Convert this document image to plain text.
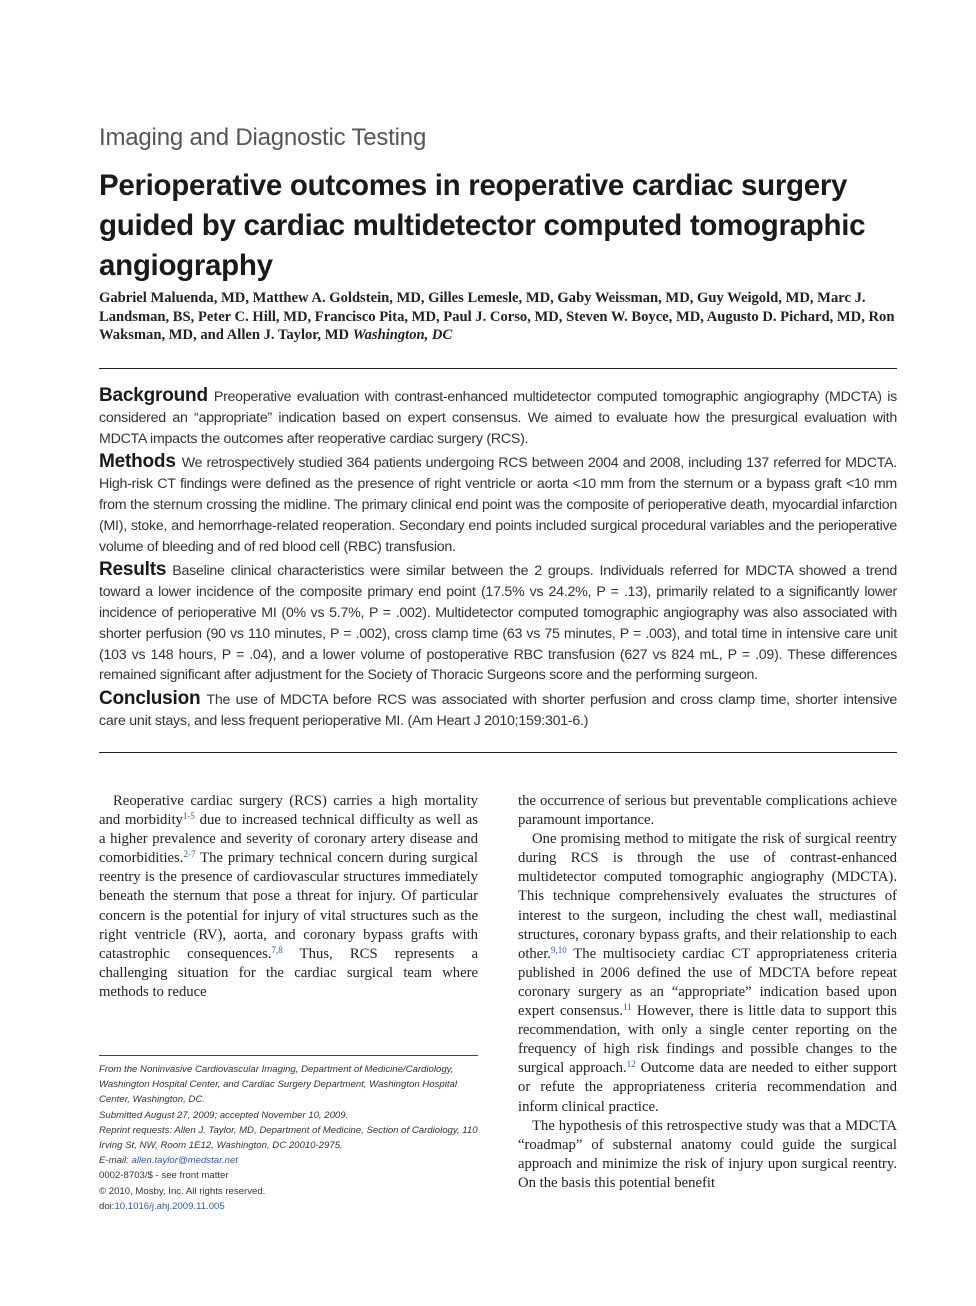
Imaging and Diagnostic Testing
Perioperative outcomes in reoperative cardiac surgery guided by cardiac multidetector computed tomographic angiography
Gabriel Maluenda, MD, Matthew A. Goldstein, MD, Gilles Lemesle, MD, Gaby Weissman, MD, Guy Weigold, MD, Marc J. Landsman, BS, Peter C. Hill, MD, Francisco Pita, MD, Paul J. Corso, MD, Steven W. Boyce, MD, Augusto D. Pichard, MD, Ron Waksman, MD, and Allen J. Taylor, MD Washington, DC

Background Preoperative evaluation with contrast-enhanced multidetector computed tomographic angiography (MDCTA) is considered an “appropriate” indication based on expert consensus. We aimed to evaluate how the presurgical evaluation with MDCTA impacts the outcomes after reoperative cardiac surgery (RCS).

Methods We retrospectively studied 364 patients undergoing RCS between 2004 and 2008, including 137 referred for MDCTA. High-risk CT findings were defined as the presence of right ventricle or aorta <10 mm from the sternum or a bypass graft <10 mm from the sternum crossing the midline. The primary clinical end point was the composite of perioperative death, myocardial infarction (MI), stoke, and hemorrhage-related reoperation. Secondary end points included surgical procedural variables and the perioperative volume of bleeding and of red blood cell (RBC) transfusion.

Results Baseline clinical characteristics were similar between the 2 groups. Individuals referred for MDCTA showed a trend toward a lower incidence of the composite primary end point (17.5% vs 24.2%, P = .13), primarily related to a significantly lower incidence of perioperative MI (0% vs 5.7%, P = .002). Multidetector computed tomographic angiography was also associated with shorter perfusion (90 vs 110 minutes, P = .002), cross clamp time (63 vs 75 minutes, P = .003), and total time in intensive care unit (103 vs 148 hours, P = .04), and a lower volume of postoperative RBC transfusion (627 vs 824 mL, P = .09). These differences remained significant after adjustment for the Society of Thoracic Surgeons score and the performing surgeon.

Conclusion The use of MDCTA before RCS was associated with shorter perfusion and cross clamp time, shorter intensive care unit stays, and less frequent perioperative MI. (Am Heart J 2010;159:301-6.)

Reoperative cardiac surgery (RCS) carries a high mortality and morbidity$^{1-5}$ due to increased technical difficulty as well as a higher prevalence and severity of coronary artery disease and comorbidities.$^{2-7}$ The primary technical concern during surgical reentry is the presence of cardiovascular structures immediately beneath the sternum that pose a threat for injury. Of particular concern is the potential for injury of vital structures such as the right ventricle (RV), aorta, and coronary bypass grafts with catastrophic consequences.$^{7,8}$ Thus, RCS represents a challenging situation for the cardiac surgical team where methods to reduce

From the Noninvasive Cardiovascular Imaging, Department of Medicine/Cardiology, Washington Hospital Center, and Cardiac Surgery Department, Washington Hospital Center, Washington, DC.
Submitted August 27, 2009; accepted November 10, 2009.
Reprint requests: Allen J. Taylor, MD, Department of Medicine, Section of Cardiology, 110 Irving St, NW, Room 1E12, Washington, DC 20010-2975.
E-mail: allen.taylor@medstar.net
0002-8703/$ - see front matter
© 2010, Mosby, Inc. All rights reserved.
doi:10.1016/j.ahj.2009.11.005

the occurrence of serious but preventable complications achieve paramount importance.

One promising method to mitigate the risk of surgical reentry during RCS is through the use of contrast-enhanced multidetector computed tomographic angiography (MDCTA). This technique comprehensively evaluates the structures of interest to the surgeon, including the chest wall, mediastinal structures, coronary bypass grafts, and their relationship to each other.$^{9,10}$ The multisociety cardiac CT appropriateness criteria published in 2006 defined the use of MDCTA before repeat coronary surgery as an “appropriate” indication based upon expert consensus.$^{11}$ However, there is little data to support this recommendation, with only a single center reporting on the frequency of high risk findings and possible changes to the surgical approach.$^{12}$ Outcome data are needed to either support or refute the appropriateness criteria recommendation and inform clinical practice.

The hypothesis of this retrospective study was that a MDCTA “roadmap” of substernal anatomy could guide the surgical approach and minimize the risk of injury upon surgical reentry. On the basis this potential benefit
